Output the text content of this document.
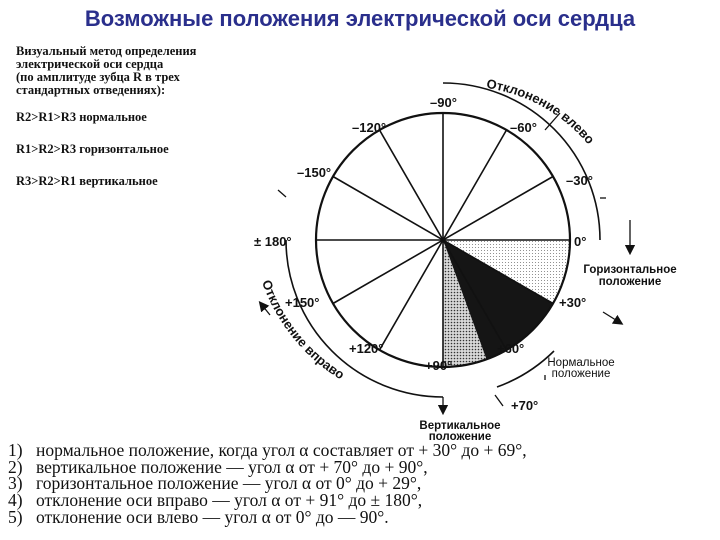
Возможные положения электрической оси сердца
Визуальный метод определения
электрической оси сердца
(по амплитуде зубца R в трех
стандартных отведениях):
R2>R1>R3 нормальное
R1>R2>R3 горизонтальное
R3>R2>R1 вертикальное
–90°
–120°	–60°
–150°
–30°
± 180°	0°
+150°	+30°
+120°	+60°
+90°
+70°
Горизонтальное
положение
Вертикальное
положение
Нормальное
положение
Отклонение влево
Отклонение вправо
1) нормальное положение, когда угол α составляет от + 30° до + 69°,
2) вертикальное положение — угол α от + 70° до + 90°,
3) горизонтальное положение — угол α от 0° до + 29°,
4) отклонение оси вправо — угол α от + 91° до ± 180°,
5) отклонение оси влево — угол α от 0° до — 90°.
